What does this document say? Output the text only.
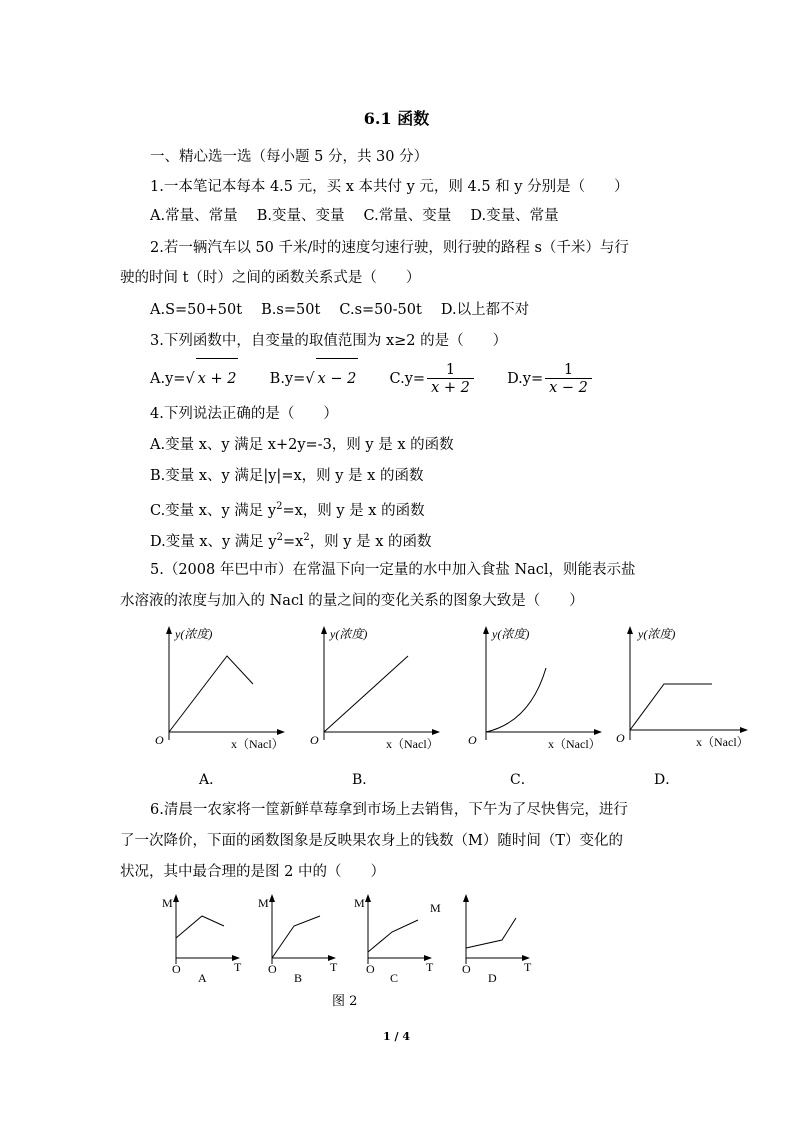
6.1 函数
一、精心选一选（每小题 5 分，共 30 分）
1.一本笔记本每本 4.5 元，买 x 本共付 y 元，则 4.5 和 y 分别是（　　）
A.常量、常量　 B.变量、变量　 C.常量、变量　 D.变量、常量
2.若一辆汽车以 50 千米/时的速度匀速行驶，则行驶的路程 s（千米）与行
驶的时间 t（时）之间的函数关系式是（　　）
A.S=50+50t　 B.s=50t　 C.s=50-50t　 D.以上都不对
3.下列函数中，自变量的取值范围为 x≥2 的是（　　）
A.y=√ x + 2 B.y=√ x − 2 $C.y= \frac{1}{x + 2} D.y= \frac{1}{x - 2}$
4.下列说法正确的是（　　）
A.变量 x、y 满足 x+2y=-3，则 y 是 x 的函数
B.变量 x、y 满足|y|=x，则 y 是 x 的函数
C.变量 x、y 满足 $y^2=x$，则 y 是 x 的函数
D.变量 x、y 满足 $y^2=x^2$，则 y 是 x 的函数
5.（2008 年巴中市）在常温下向一定量的水中加入食盐 Nacl，则能表示盐
水溶液的浓度与加入的 Nacl 的量之间的变化关系的图象大致是（　　）
y(浓度)
O	x（Nacl）
y(浓度)
O	x（Nacl）
y(浓度)
O	x（Nacl）
y(浓度)
O	x（Nacl）
A．	B．	C．	D．
6.清晨一农家将一筐新鲜草莓拿到市场上去销售，下午为了尽快售完，进行
了一次降价，下面的函数图象是反映果农身上的钱数（M）随时间（T）变化的
状况，其中最合理的是图 2 中的（　　）
M
O	T
A
M
O	T
B
M	M
O	T
C
O	T
D
图 2
1 / 4
